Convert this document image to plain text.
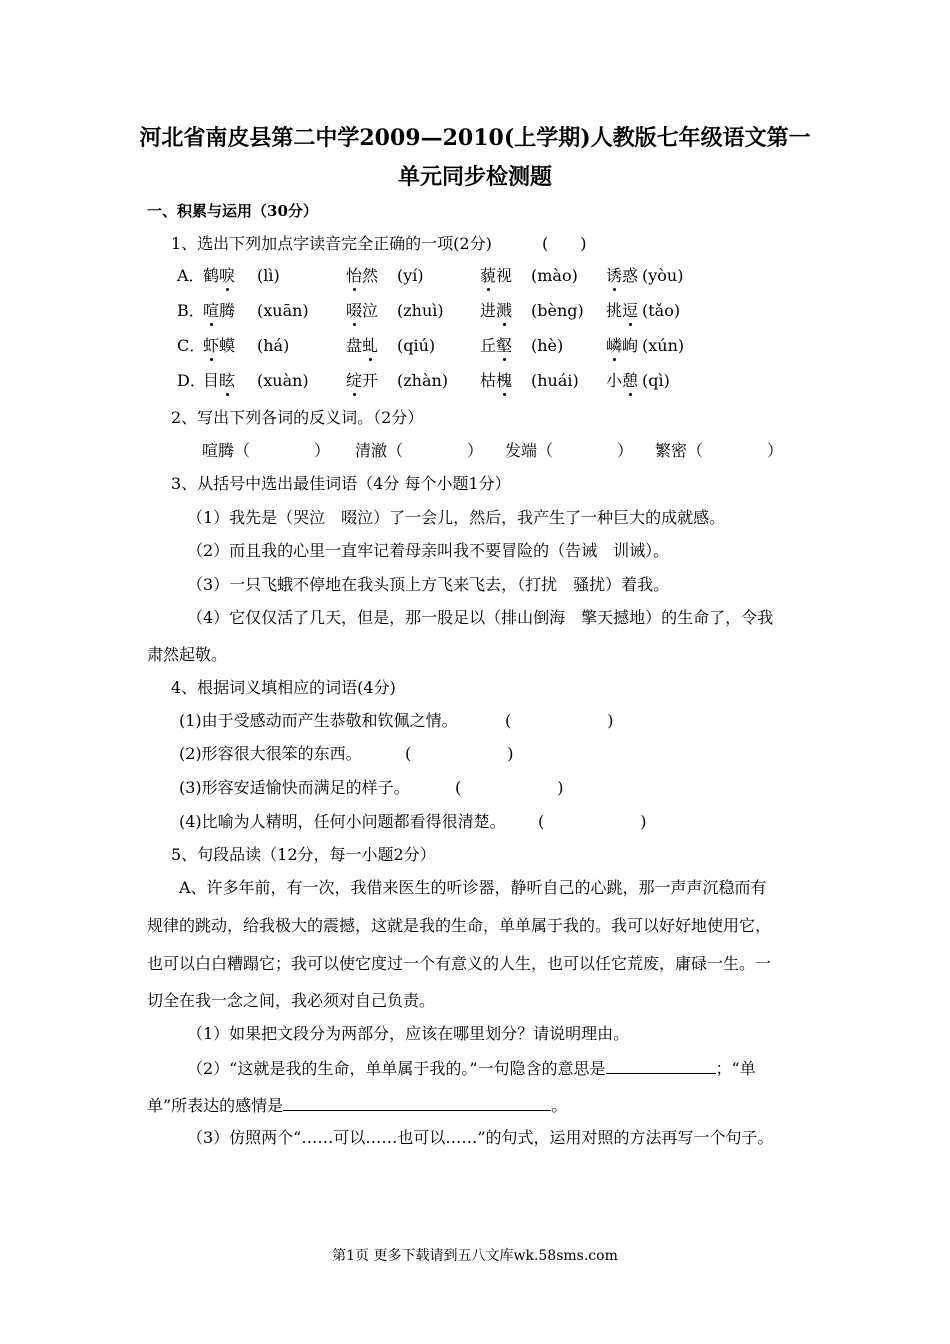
河北省南皮县第二中学2009—2010(上学期)人教版七年级语文第一
单元同步检测题
一、积累与运用（30分）
1、选出下列加点字读音完全正确的一项(2分)	(　　)
A．
鹤唳 (lì)	怡然 (yí)	藐视 (mào) 诱惑 (yòu)
B．
喧腾 (xuān) 啜泣 (zhuì) 进溅 (bèng) 挑逗 (tǎo)
C．
虾蟆 (há)	盘虬 (qiú)	丘壑 (hè)	嶙峋 (xún)
D．
目眩 (xuàn) 绽开 (zhàn) 枯槐 (huái) 小憩 (qì)
2、写出下列各词的反义词。（2分）
喧腾（　　　　） 清澈（　　　　） 发端（　　　　） 繁密（　　　　）
3、从括号中选出最佳词语（4分 每个小题1分）
（1）我先是（哭泣　啜泣）了一会儿，然后，我产生了一种巨大的成就感。
（2）而且我的心里一直牢记着母亲叫我不要冒险的（告诫　训诫）。
（3）一只飞蛾不停地在我头顶上方飞来飞去，（打扰　骚扰）着我。
（4）它仅仅活了几天，但是，那一股足以（排山倒海　擎天撼地）的生命了，令我
肃然起敬。
4、根据词义填相应的词语(4分)
(1)由于受感动而产生恭敬和钦佩之情。	(　　　　　　)
(2)形容很大很笨的东西。	(　　　　　　)
(3)形容安适愉快而满足的样子。	(　　　　　　)
(4)比喻为人精明，任何小问题都看得很清楚。 (　　　　　　)
5、句段品读（12分，每一小题2分）
A、许多年前，有一次，我借来医生的听诊器，静听自己的心跳，那一声声沉稳而有
规律的跳动，给我极大的震撼，这就是我的生命，单单属于我的。我可以好好地使用它，
也可以白白糟蹋它；我可以使它度过一个有意义的人生，也可以任它荒废，庸碌一生。一
切全在我一念之间，我必须对自己负责。
（1）如果把文段分为两部分，应该在哪里划分？请说明理由。
（2）“这就是我的生命，单单属于我的。”一句隐含的意思是	；“单
单”所表达的感情是	。
（3）仿照两个“……可以……也可以……”的句式，运用对照的方法再写一个句子。
第1页 更多下载请到五八文库wk.58sms.com
